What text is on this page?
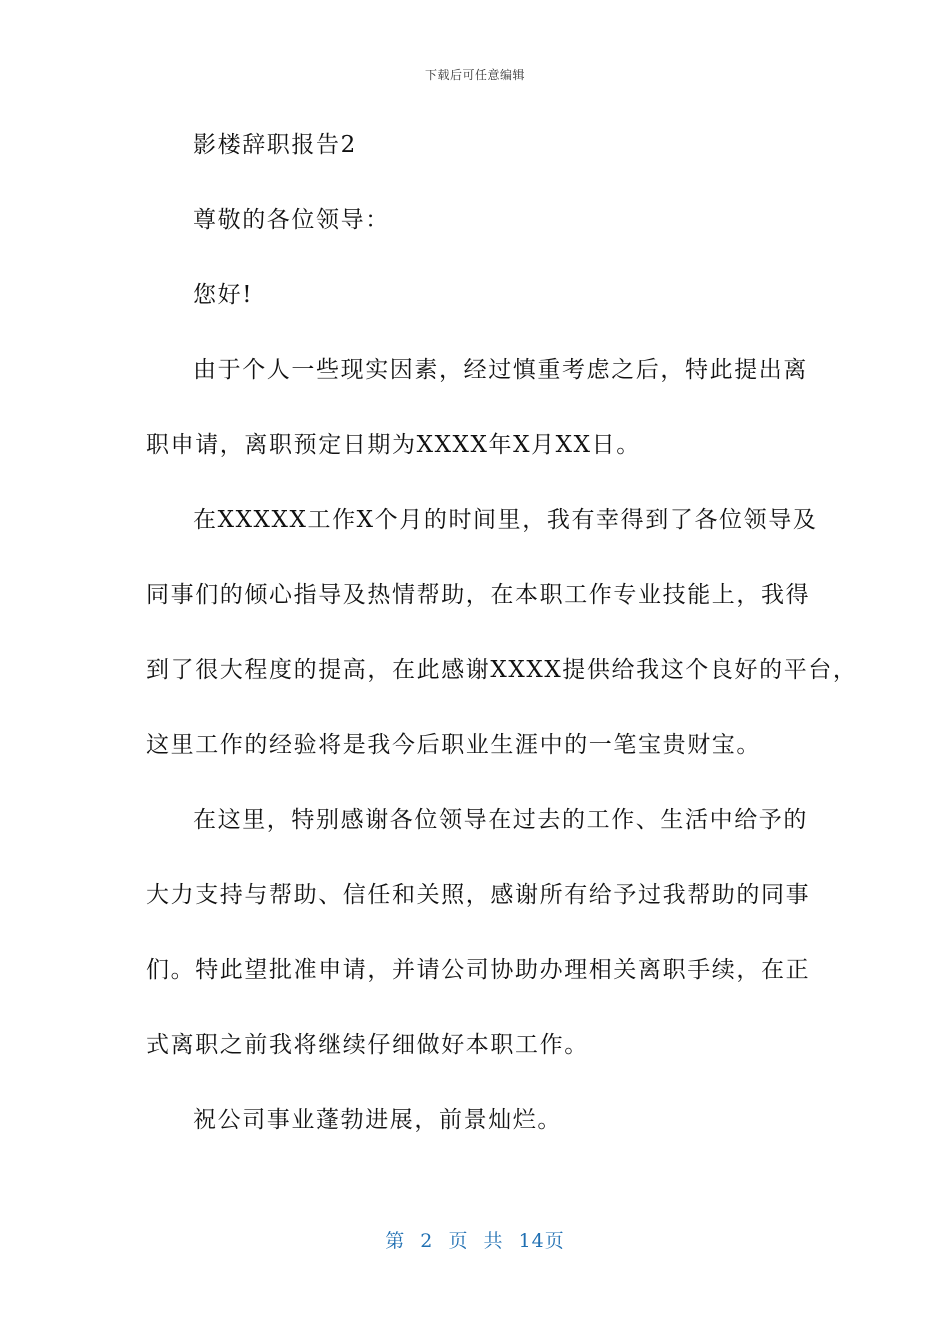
下载后可任意编辑
影楼辞职报告2
尊敬的各位领导：
您好!
由于个人一些现实因素，经过慎重考虑之后，特此提出离
职申请，离职预定日期为XXXX年X月XX日。
在XXXXX工作X个月的时间里，我有幸得到了各位领导及
同事们的倾心指导及热情帮助，在本职工作专业技能上，我得
到了很大程度的提高，在此感谢XXXX提供给我这个良好的平台，
这里工作的经验将是我今后职业生涯中的一笔宝贵财宝。
在这里，特别感谢各位领导在过去的工作、生活中给予的
大力支持与帮助、信任和关照，感谢所有给予过我帮助的同事
们。特此望批准申请，并请公司协助办理相关离职手续，在正
式离职之前我将继续仔细做好本职工作。
祝公司事业蓬勃进展，前景灿烂。
第 2 页 共 14页
